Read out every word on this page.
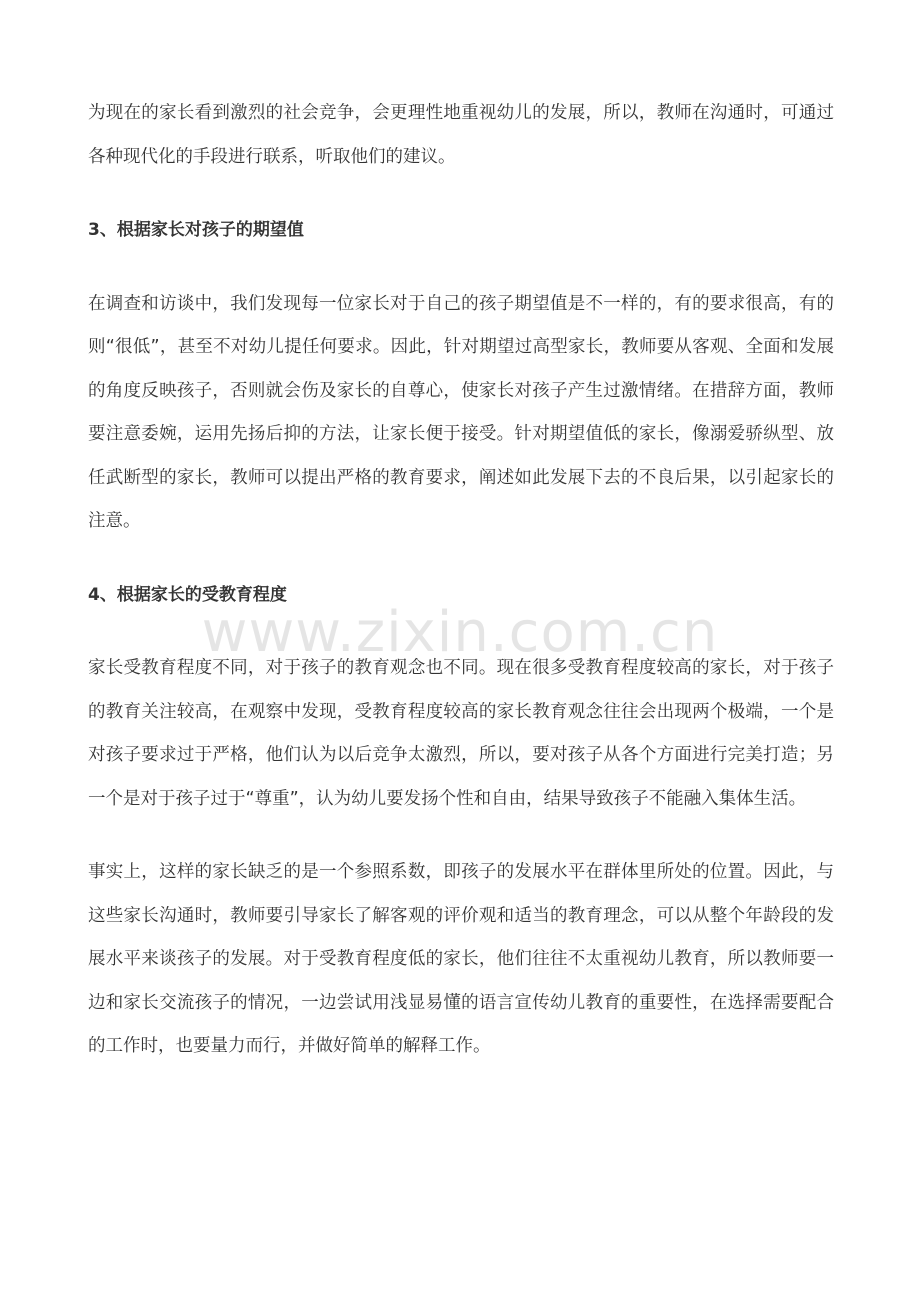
为现在的家长看到激烈的社会竞争，会更理性地重视幼儿的发展，所以，教师在沟通时，可通过各种现代化的手段进行联系，听取他们的建议。

3、根据家长对孩子的期望值

在调查和访谈中，我们发现每一位家长对于自己的孩子期望值是不一样的，有的要求很高，有的则“很低”，甚至不对幼儿提任何要求。因此，针对期望过高型家长，教师要从客观、全面和发展的角度反映孩子，否则就会伤及家长的自尊心，使家长对孩子产生过激情绪。在措辞方面，教师要注意委婉，运用先扬后抑的方法，让家长便于接受。针对期望值低的家长，像溺爱骄纵型、放任武断型的家长，教师可以提出严格的教育要求，阐述如此发展下去的不良后果，以引起家长的注意。

4、根据家长的受教育程度

家长受教育程度不同，对于孩子的教育观念也不同。现在很多受教育程度较高的家长，对于孩子的教育关注较高，在观察中发现，受教育程度较高的家长教育观念往往会出现两个极端，一个是对孩子要求过于严格，他们认为以后竞争太激烈，所以，要对孩子从各个方面进行完美打造；另一个是对于孩子过于“尊重”，认为幼儿要发扬个性和自由，结果导致孩子不能融入集体生活。

事实上，这样的家长缺乏的是一个参照系数，即孩子的发展水平在群体里所处的位置。因此，与这些家长沟通时，教师要引导家长了解客观的评价观和适当的教育理念，可以从整个年龄段的发展水平来谈孩子的发展。对于受教育程度低的家长，他们往往不太重视幼儿教育，所以教师要一边和家长交流孩子的情况，一边尝试用浅显易懂的语言宣传幼儿教育的重要性，在选择需要配合的工作时，也要量力而行，并做好简单的解释工作。

www.zixin.com.cn
